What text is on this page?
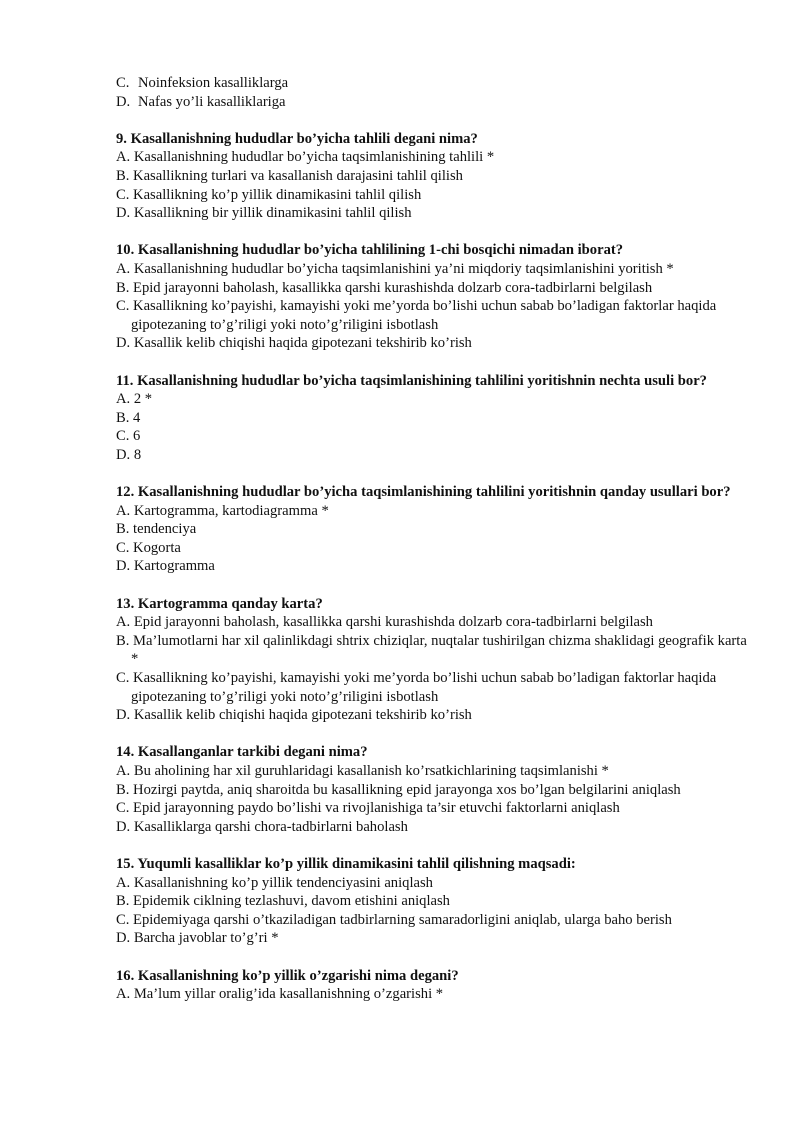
C. Noinfeksion kasalliklarga
D. Nafas yo’li kasalliklariga
9. Kasallanishning hududlar bo’yicha tahlili degani nima?
A. Kasallanishning hududlar bo’yicha taqsimlanishining tahlili *
B. Kasallikning turlari va kasallanish darajasini tahlil qilish
C. Kasallikning ko’p yillik dinamikasini tahlil qilish
D. Kasallikning bir yillik dinamikasini tahlil qilish
10. Kasallanishning hududlar bo’yicha tahlilining 1-chi bosqichi nimadan iborat?
A. Kasallanishning hududlar bo’yicha taqsimlanishini ya’ni miqdoriy taqsimlanishini yoritish *
B. Epid jarayonni baholash, kasallikka qarshi kurashishda dolzarb cora-tadbirlarni belgilash
C. Kasallikning ko’payishi, kamayishi yoki me’yorda bo’lishi uchun sabab bo’ladigan faktorlar haqida gipotezaning to’g’riligi yoki noto’g’riligini isbotlash
D. Kasallik kelib chiqishi haqida gipotezani tekshirib ko’rish
11. Kasallanishning hududlar bo’yicha taqsimlanishining tahlilini yoritishnin nechta usuli bor?
A. 2 *
B. 4
C. 6
D. 8
12. Kasallanishning hududlar bo’yicha taqsimlanishining tahlilini yoritishnin qanday usullari bor?
A. Kartogramma, kartodiagramma *
B. tendenciya
C. Kogorta
D. Kartogramma
13. Kartogramma qanday karta?
A. Epid jarayonni baholash, kasallikka qarshi kurashishda dolzarb cora-tadbirlarni belgilash
B. Ma’lumotlarni har xil qalinlikdagi shtrix chiziqlar, nuqtalar tushirilgan chizma shaklidagi geografik karta *
C. Kasallikning ko’payishi, kamayishi yoki me’yorda bo’lishi uchun sabab bo’ladigan faktorlar haqida gipotezaning to’g’riligi yoki noto’g’riligini isbotlash
D. Kasallik kelib chiqishi haqida gipotezani tekshirib ko’rish
14. Kasallanganlar tarkibi degani nima?
A. Bu aholining har xil guruhlaridagi kasallanish ko’rsatkichlarining taqsimlanishi *
B. Hozirgi paytda, aniq sharoitda bu kasallikning epid jarayonga xos bo’lgan belgilarini aniqlash
C. Epid jarayonning paydo bo’lishi va rivojlanishiga ta’sir etuvchi faktorlarni aniqlash
D. Kasalliklarga qarshi chora-tadbirlarni baholash
15. Yuqumli kasalliklar ko’p yillik dinamikasini tahlil qilishning maqsadi:
A. Kasallanishning ko’p yillik tendenciyasini aniqlash
B. Epidemik ciklning tezlashuvi, davom etishini aniqlash
C. Epidemiyaga qarshi o’tkaziladigan tadbirlarning samaradorligini aniqlab, ularga baho berish
D. Barcha javoblar to’g’ri *
16. Kasallanishning ko’p yillik o’zgarishi nima degani?
A. Ma’lum yillar oralig’ida kasallanishning o’zgarishi *
